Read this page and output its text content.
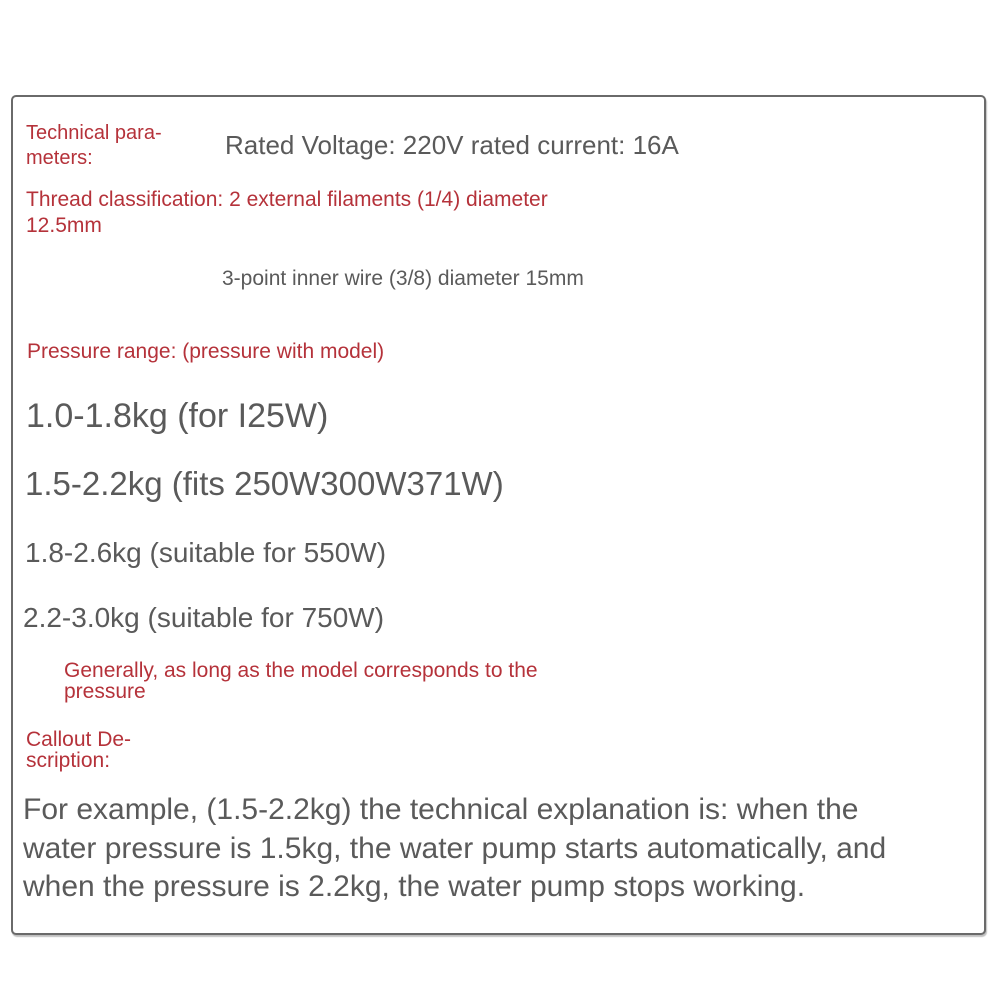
Technical para-

meters:	Rated Voltage: 220V rated current: 16A

Thread classification: 2 external filaments (1/4) diameter

12.5mm

3-point inner wire (3/8) diameter 15mm

Pressure range: (pressure with model)

1.0-1.8kg (for I25W)

1.5-2.2kg (fits 250W300W371W)

1.8-2.6kg (suitable for 550W)

2.2-3.0kg (suitable for 750W)

Generally, as long as the model corresponds to the

pressure

Callout De-

scription:

For example, (1.5-2.2kg) the technical explanation is: when the

water pressure is 1.5kg, the water pump starts automatically, and

when the pressure is 2.2kg, the water pump stops working.
